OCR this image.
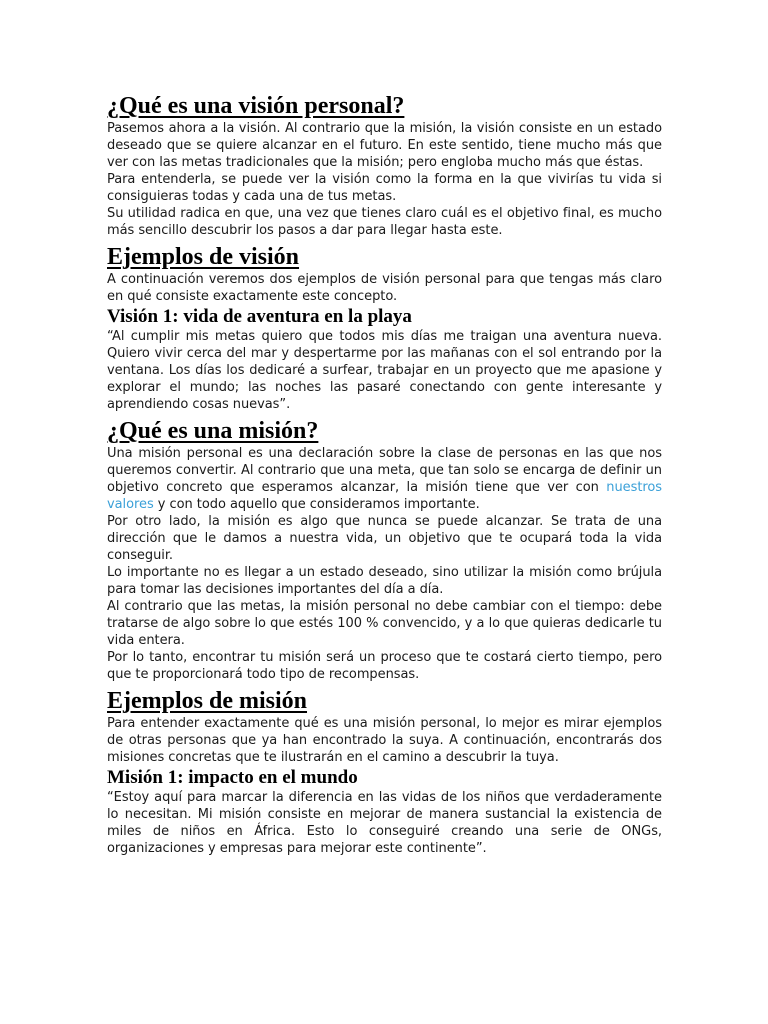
¿Qué es una visión personal?

Pasemos ahora a la visión. Al contrario que la misión, la visión consiste en un estado deseado que se quiere alcanzar en el futuro. En este sentido, tiene mucho más que ver con las metas tradicionales que la misión; pero engloba mucho más que éstas.

Para entenderla, se puede ver la visión como la forma en la que vivirías tu vida si consiguieras todas y cada una de tus metas.

Su utilidad radica en que, una vez que tienes claro cuál es el objetivo final, es mucho más sencillo descubrir los pasos a dar para llegar hasta este.

Ejemplos de visión

A continuación veremos dos ejemplos de visión personal para que tengas más claro en qué consiste exactamente este concepto.

Visión 1: vida de aventura en la playa

“Al cumplir mis metas quiero que todos mis días me traigan una aventura nueva. Quiero vivir cerca del mar y despertarme por las mañanas con el sol entrando por la ventana. Los días los dedicaré a surfear, trabajar en un proyecto que me apasione y explorar el mundo; las noches las pasaré conectando con gente interesante y aprendiendo cosas nuevas”.

¿Qué es una misión?

Una misión personal es una declaración sobre la clase de personas en las que nos queremos convertir. Al contrario que una meta, que tan solo se encarga de definir un objetivo concreto que esperamos alcanzar, la misión tiene que ver con nuestros valores y con todo aquello que consideramos importante.

Por otro lado, la misión es algo que nunca se puede alcanzar. Se trata de una dirección que le damos a nuestra vida, un objetivo que te ocupará toda la vida conseguir.

Lo importante no es llegar a un estado deseado, sino utilizar la misión como brújula para tomar las decisiones importantes del día a día.

Al contrario que las metas, la misión personal no debe cambiar con el tiempo: debe tratarse de algo sobre lo que estés 100 % convencido, y a lo que quieras dedicarle tu vida entera.

Por lo tanto, encontrar tu misión será un proceso que te costará cierto tiempo, pero que te proporcionará todo tipo de recompensas.

Ejemplos de misión

Para entender exactamente qué es una misión personal, lo mejor es mirar ejemplos de otras personas que ya han encontrado la suya. A continuación, encontrarás dos misiones concretas que te ilustrarán en el camino a descubrir la tuya.

Misión 1: impacto en el mundo

“Estoy aquí para marcar la diferencia en las vidas de los niños que verdaderamente lo necesitan. Mi misión consiste en mejorar de manera sustancial la existencia de miles de niños en África. Esto lo conseguiré creando una serie de ONGs, organizaciones y empresas para mejorar este continente”.
